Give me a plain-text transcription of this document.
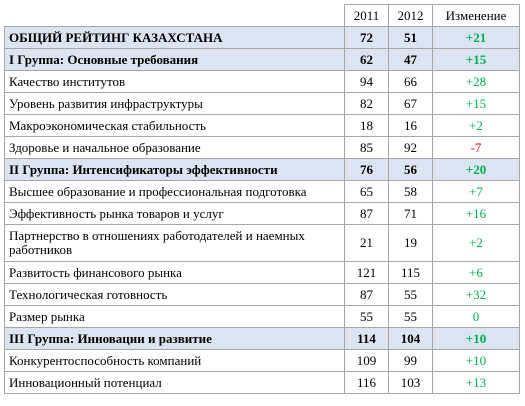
	2011	2012	Изменение
ОБЩИЙ РЕЙТИНГ КАЗАХСТАНА	72	51	+21
I Группа: Основные требования	62	47	+15
Качество институтов	94	66	+28
Уровень развития инфраструктуры	82	67	+15
Макроэкономическая стабильность	18	16	+2
Здоровье и начальное образование	85	92	-7
II Группа: Интенсификаторы эффективности	76	56	+20
Высшее образование и профессиональная подготовка	65	58	+7
Эффективность рынка товаров и услуг	87	71	+16
Партнерство в отношениях работодателей и наемных работников	21	19	+2
Развитость финансового рынка	121	115	+6
Технологическая готовность	87	55	+32
Размер рынка	55	55	0
III Группа: Инновации и развитие	114	104	+10
Конкурентоспособность компаний	109	99	+10
Инновационный потенциал	116	103	+13
